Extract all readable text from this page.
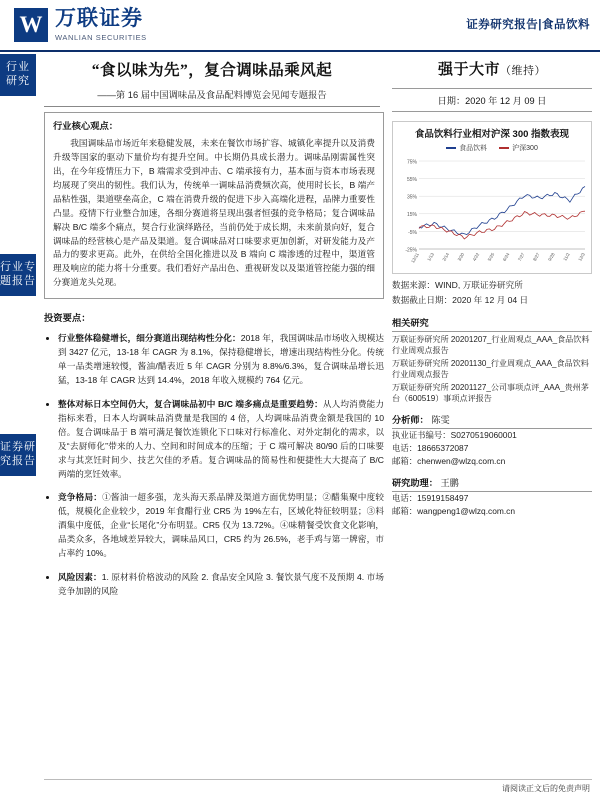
W 万联证券
WANLIAN SECURITIES
证券研究报告|食品饮料
行业
研究
行业专题报告
证券研究报告
“食以味为先”，复合调味品乘风起
——第 16 届中国调味品及食品配料博览会见闻专题报告
强于大市（维持）
日期：2020 年 12 月 09 日
食品饮料行业相对沪深 300 指数表现
食品饮料	沪深300
75%
55%
35%
15%
-5%
-25%
12/11 1/13 2/14 3/20 4/22 5/25 6/24 7/27 8/27 9/28 11/2 12/3
数据来源：WIND, 万联证券研究所
数据截止日期：2020 年 12 月 04 日
相关研究
万联证券研究所 20201207_行业周观点_AAA_食品饮料行业周观点报告
万联证券研究所 20201130_行业周观点_AAA_食品饮料行业周观点报告
万联证券研究所 20201127_公司事项点评_AAA_贵州茅台（600519）事项点评报告
分析师： 陈雯
执业证书编号：S0270519060001
电话：18665372087
邮箱：chenwen@wlzq.com.cn
研究助理： 王鹏
电话：15919158497
邮箱：wangpeng1@wlzq.com.cn
行业核心观点：

我国调味品市场近年来稳健发展，未来在餐饮市场扩容、城镇化率提升以及消费升级等国家的驱动下量价均有提升空间。中长期仍具成长潜力。调味品刚需属性突出，在今年疫情压力下，B 端需求受到冲击、C 端承接有力，基本面与资本市场表现均展现了突出的韧性。我们认为，传统单一调味品消费频次高，使用时长长，B 端产品粘性强，渠道壁垒高企，C 端在消费升级的促进下步入高端化进程，品牌力重要性凸显。疫情下行业整合加速，各细分赛道将呈现出强者恒强的竞争格局；复合调味品解决 B/C 端多个痛点，契合行业演绎路径，当前仍处于成长期，未来前景向好，复合调味品的经营核心是产品及渠道。复合调味品对口味要求更加创新，对研发能力及产品力的要求更高。此外，在供给全国化推进以及 B 端向 C 端渗透的过程中，渠道管理及响应的能力将十分重要。我们看好产品出色、重视研发以及渠道管控能力强的细分赛道龙头兑现。

投资要点：
• 行业整体稳健增长，细分赛道出现结构性分化：2018 年，我国调味品市场收入规模达到 3427 亿元，13-18 年 CAGR 为 8.1%，保持稳健增长，增速出现结构性分化。传统单一品类增速较慢，酱油/醋表近 5 年 CAGR 分别为 8.8%/6.3%，复合调味品增长迅猛，13-18 年 CAGR 达到 14.4%，2018 年收入规模约 764 亿元。
• 整体对标日本空间仍大，复合调味品初中 B/C 端多痛点是重要趋势：从人均消费能力指标来看，日本人均调味品消费量是我国的 4 倍，人均调味品消费金额是我国的 10 倍。复合调味品于 B 端可满足餐饮连锁化下口味对行标准化、对外定制化的需求，以及“去厨师化”带来的人力、空间和时间成本的压缩；于 C 端可解决 80/90 后的口味要求与其烹饪时间少、技艺欠佳的矛盾。复合调味品的简易性和便捷性大大提高了 B/C 两端的烹饪效率。
• 竞争格局：①酱油一超多强，龙头海天系品牌及渠道方面优势明显；②醋集聚中度较低，规模化企业较少，2019 年食醋行业 CR5 为 19%左右，区域化特征较明显；③料酒集中度低，企业“长尾化”分布明显。CR5 仅为 13.72%。④味精餐受饮食文化影响，品类众多，各地域差异较大，调味品风口，CR5 约为 26.5%，老手鸡与第一牌密，市占率约 10%。
• 风险因素：1. 原材料价格波动的风险 2. 食品安全风险 3. 餐饮景气度不及预期 4. 市场竞争加剧的风险
请阅读正文后的免责声明
